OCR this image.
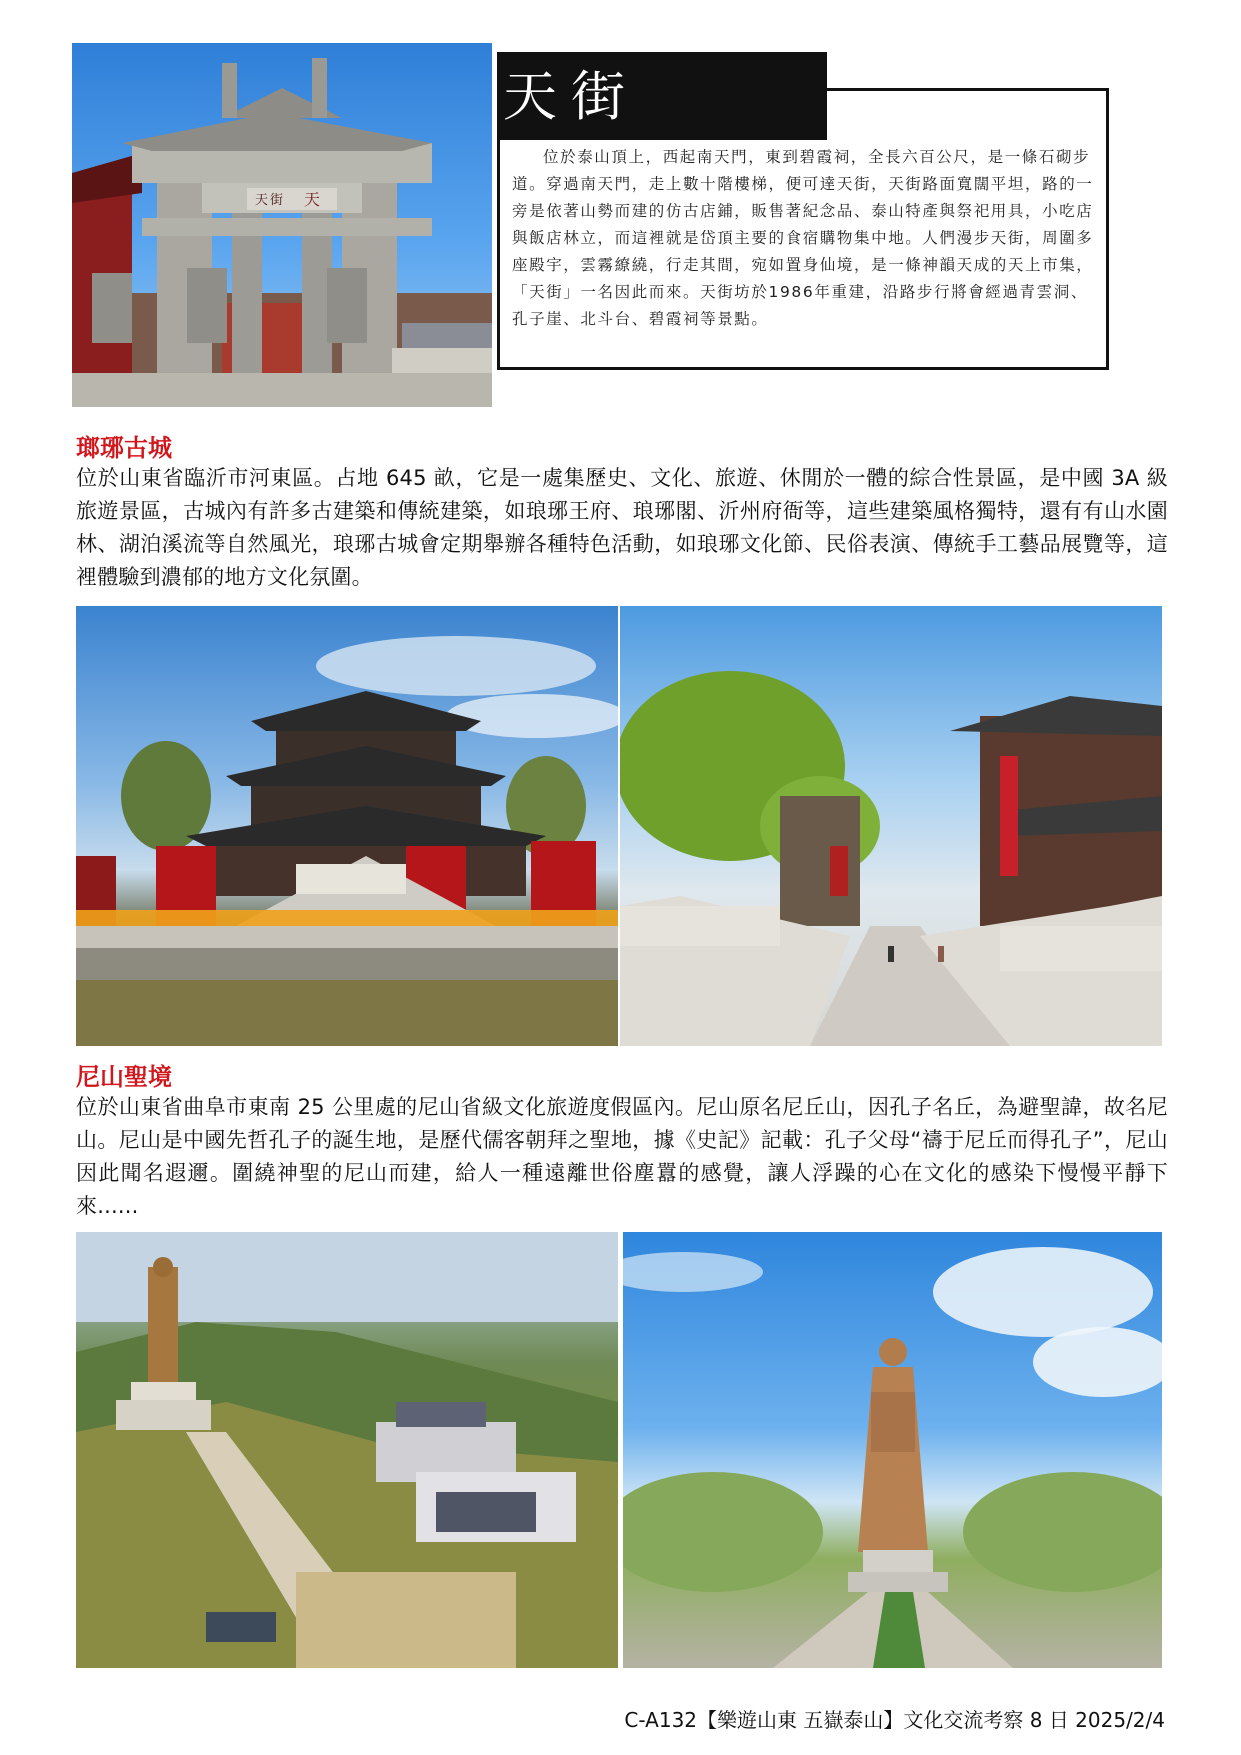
天街 天
天街
位於泰山頂上，西起南天門，東到碧霞祠，全長六百公尺，是一條石砌步道。穿過南天門，走上數十階樓梯，便可達天街，天街路面寬闊平坦，路的一旁是依著山勢而建的仿古店鋪，販售著紀念品、泰山特產與祭祀用具，小吃店與飯店林立，而這裡就是岱頂主要的食宿購物集中地。人們漫步天街，周圍多座殿宇，雲霧繚繞，行走其間，宛如置身仙境，是一條神韻天成的天上市集，「天街」一名因此而來。天街坊於1986年重建，沿路步行將會經過青雲洞、孔子崖、北斗台、碧霞祠等景點。
瑯琊古城
位於山東省臨沂市河東區。占地 645 畝，它是一處集歷史、文化、旅遊、休閒於一體的綜合性景區，是中國 3A 級旅遊景區，古城內有許多古建築和傳統建築，如琅琊王府、琅琊閣、沂州府衙等，這些建築風格獨特，還有有山水園林、湖泊溪流等自然風光，琅琊古城會定期舉辦各種特色活動，如琅琊文化節、民俗表演、傳統手工藝品展覽等，這裡體驗到濃郁的地方文化氛圍。
尼山聖境
位於山東省曲阜市東南 25 公里處的尼山省級文化旅遊度假區內。尼山原名尼丘山，因孔子名丘，為避聖諱，故名尼山。尼山是中國先哲孔子的誕生地，是歷代儒客朝拜之聖地，據《史記》記載：孔子父母“禱于尼丘而得孔子”，尼山因此聞名遐邇。圍繞神聖的尼山而建，給人一種遠離世俗塵囂的感覺，讓人浮躁的心在文化的感染下慢慢平靜下來......
C-A132【樂遊山東 五嶽泰山】文化交流考察 8 日 2025/2/4
